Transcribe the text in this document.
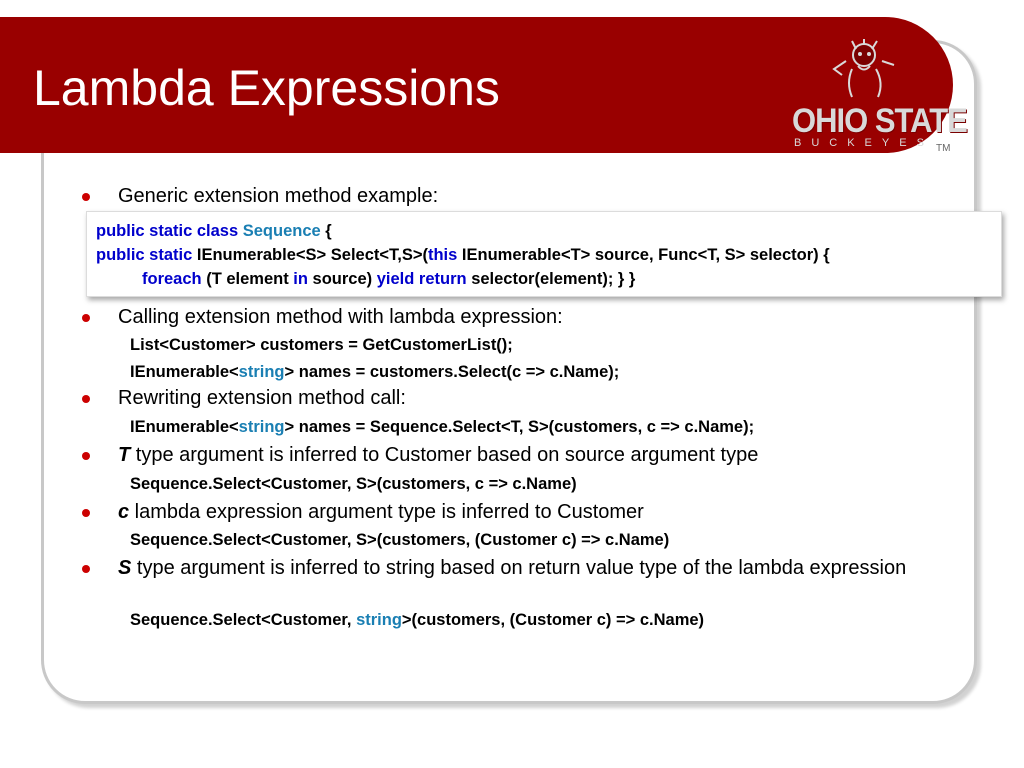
Lambda Expressions
OHIO STATE
BUCKEYES TM
Generic extension method example:
public static class Sequence {
public static IEnumerable<S> Select<T,S>(this IEnumerable<T> source, Func<T, S> selector) {
foreach (T element in source) yield return selector(element); } }
Calling extension method with lambda expression:
List<Customer> customers = GetCustomerList();
IEnumerable<string> names = customers.Select(c => c.Name);
Rewriting extension method call:
IEnumerable<string> names = Sequence.Select<T, S>(customers, c => c.Name);
T type argument is inferred to Customer based on source argument type
Sequence.Select<Customer, S>(customers, c => c.Name)
c lambda expression argument type is inferred to Customer
Sequence.Select<Customer, S>(customers, (Customer c) => c.Name)
S type argument is inferred to string based on return value type of the lambda expression
Sequence.Select<Customer, string>(customers, (Customer c) => c.Name)
